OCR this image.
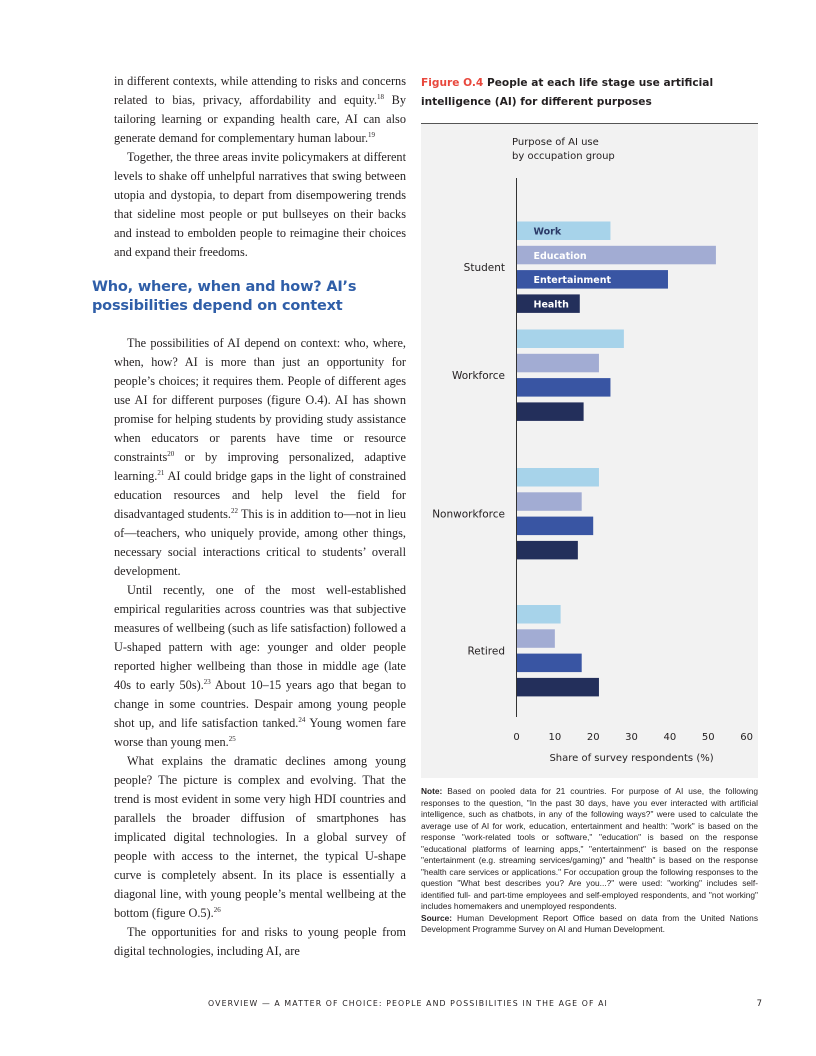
in different contexts, while attending to risks and concerns related to bias, privacy, affordability and equity.$^{18}$ By tailoring learning or expanding health care, AI can also generate demand for complementary human labour.$^{19}$

Together, the three areas invite policymakers at different levels to shake off unhelpful narratives that swing between utopia and dystopia, to depart from disempowering trends that sideline most people or put bullseyes on their backs and instead to embolden people to reimagine their choices and expand their freedoms.

Who, where, when and how? AI’s possibilities depend on context

The possibilities of AI depend on context: who, where, when, how? AI is more than just an opportunity for people’s choices; it requires them. People of different ages use AI for different purposes (figure O.4). AI has shown promise for helping students by providing study assistance when educators or parents have time or resource constraints$^{20}$ or by improving personalized, adaptive learning.$^{21}$ AI could bridge gaps in the light of constrained education resources and help level the field for disadvantaged students.$^{22}$ This is in addition to—not in lieu of—teachers, who uniquely provide, among other things, necessary social interactions critical to students’ overall development.

Until recently, one of the most well-established empirical regularities across countries was that subjective measures of wellbeing (such as life satisfaction) followed a U-shaped pattern with age: younger and older people reported higher wellbeing than those in middle age (late 40s to early 50s).$^{23}$ About 10–15 years ago that began to change in some countries. Despair among young people shot up, and life satisfaction tanked.$^{24}$ Young women fare worse than young men.$^{25}$

What explains the dramatic declines among young people? The picture is complex and evolving. That the trend is most evident in some very high HDI countries and parallels the broader diffusion of smartphones has implicated digital technologies. In a global survey of people with access to the internet, the typical U-shape curve is completely absent. In its place is essentially a diagonal line, with young people’s mental wellbeing at the bottom (figure O.5).$^{26}$

The opportunities for and risks to young people from digital technologies, including AI, are

Figure O.4 People at each life stage use artificial intelligence (AI) for different purposes
Purpose of AI use
by occupation group
Work
Education
Entertainment
Health
Student
Workforce
Nonworkforce
Retired
0	10	20	30	40	50	60
Share of survey respondents (%)
Note: Based on pooled data for 21 countries. For purpose of AI use, the following responses to the question, "In the past 30 days, have you ever interacted with artificial intelligence, such as chatbots, in any of the following ways?" were used to calculate the average use of AI for work, education, entertainment and health: "work" is based on the response "work-related tools or software," "education" is based on the response "educational platforms of learning apps," "entertainment" is based on the response "entertainment (e.g. streaming services/gaming)" and "health" is based on the response "health care services or applications." For occupation group the following responses to the question "What best describes you? Are you...?" were used: "working" includes self-identified full- and part-time employees and self-employed respondents, and "not working" includes homemakers and unemployed respondents.
Source: Human Development Report Office based on data from the United Nations Development Programme Survey on AI and Human Development.
OVERVIEW — A MATTER OF CHOICE: PEOPLE AND POSSIBILITIES IN THE AGE OF AI	7
